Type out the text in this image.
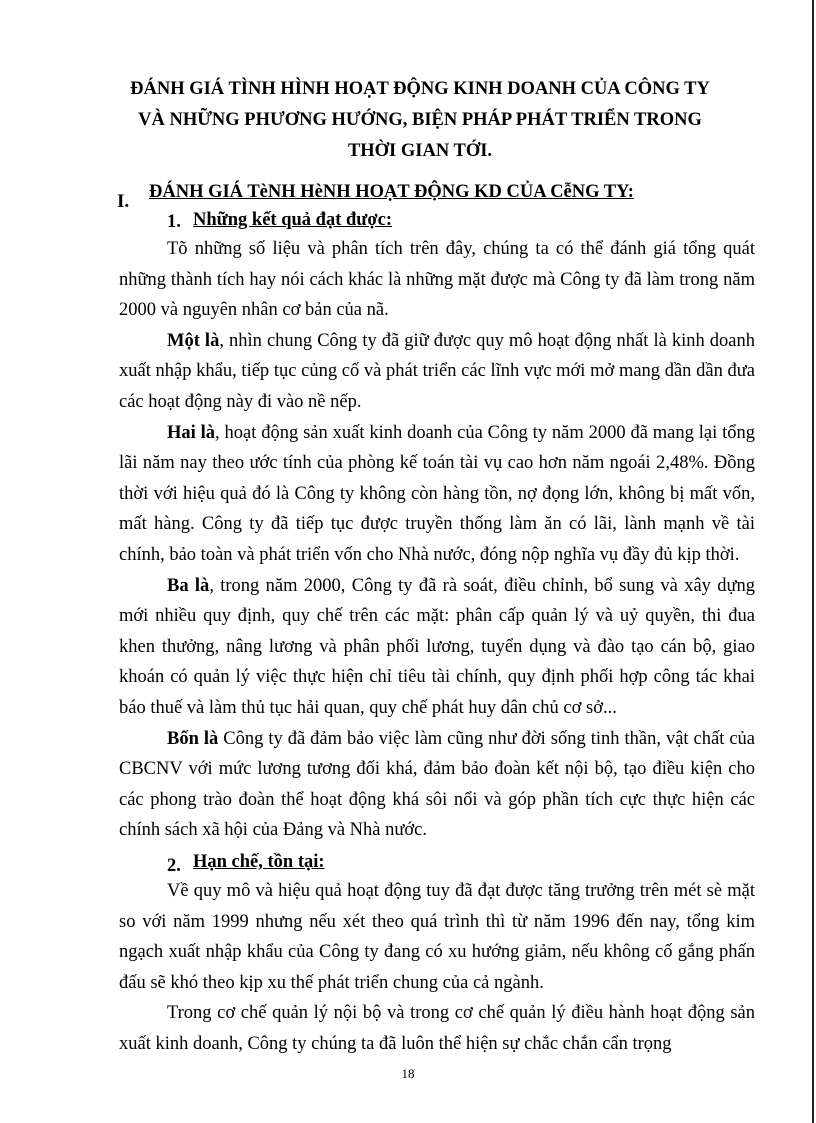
ĐÁNH GIÁ TÌNH HÌNH HOẠT ĐỘNG KINH DOANH CỦA CÔNG TY
VÀ NHỮNG PHƯƠNG HƯỚNG, BIỆN PHÁP PHÁT TRIỂN TRONG
THỜI GIAN TỚI.
I. ĐÁNH GIÁ TèNH HèNH HOẠT ĐỘNG KD CỦA CễNG TY:
1. Những kết quả đạt được:

Tõ những số liệu và phân tích trên đây, chúng ta có thể đánh giá tổng quát những thành tích hay nói cách khác là những mặt được mà Công ty đã làm trong năm 2000 và nguyên nhân cơ bản của nã.

Một là, nhìn chung Công ty đã giữ được quy mô hoạt động nhất là kinh doanh xuất nhập khẩu, tiếp tục củng cố và phát triển các lĩnh vực mới mở mang dần dần đưa các hoạt động này đi vào nề nếp.

Hai là, hoạt động sản xuất kinh doanh của Công ty năm 2000 đã mang lại tổng lãi năm nay theo ước tính của phòng kế toán tài vụ cao hơn năm ngoái 2,48%. Đồng thời với hiệu quả đó là Công ty không còn hàng tồn, nợ đọng lớn, không bị mất vốn, mất hàng. Công ty đã tiếp tục được truyền thống làm ăn có lãi, lành mạnh về tài chính, bảo toàn và phát triển vốn cho Nhà nước, đóng nộp nghĩa vụ đầy đủ kịp thời.

Ba là, trong năm 2000, Công ty đã rà soát, điều chỉnh, bổ sung và xây dựng mới nhiều quy định, quy chế trên các mặt: phân cấp quản lý và uỷ quyền, thi đua khen thưởng, nâng lương và phân phối lương, tuyển dụng và đào tạo cán bộ, giao khoán có quản lý việc thực hiện chỉ tiêu tài chính, quy định phối hợp công tác khai báo thuế và làm thủ tục hải quan, quy chế phát huy dân chủ cơ sở...

Bốn là Công ty đã đảm bảo việc làm cũng như đời sống tinh thần, vật chất của CBCNV với mức lương tương đối khá, đảm bảo đoàn kết nội bộ, tạo điều kiện cho các phong trào đoàn thể hoạt động khá sôi nổi và góp phần tích cực thực hiện các chính sách xã hội của Đảng và Nhà nước.

2. Hạn chế, tồn tại:

Về quy mô và hiệu quả hoạt động tuy đã đạt được tăng trưởng trên mét sè mặt so với năm 1999 nhưng nếu xét theo quá trình thì từ năm 1996 đến nay, tổng kim ngạch xuất nhập khẩu của Công ty đang có xu hướng giảm, nếu không cố gắng phấn đấu sẽ khó theo kịp xu thế phát triển chung của cả ngành.

Trong cơ chế quản lý nội bộ và trong cơ chế quản lý điều hành hoạt động sản xuất kinh doanh, Công ty chúng ta đã luôn thể hiện sự chắc chắn cẩn trọng

18
